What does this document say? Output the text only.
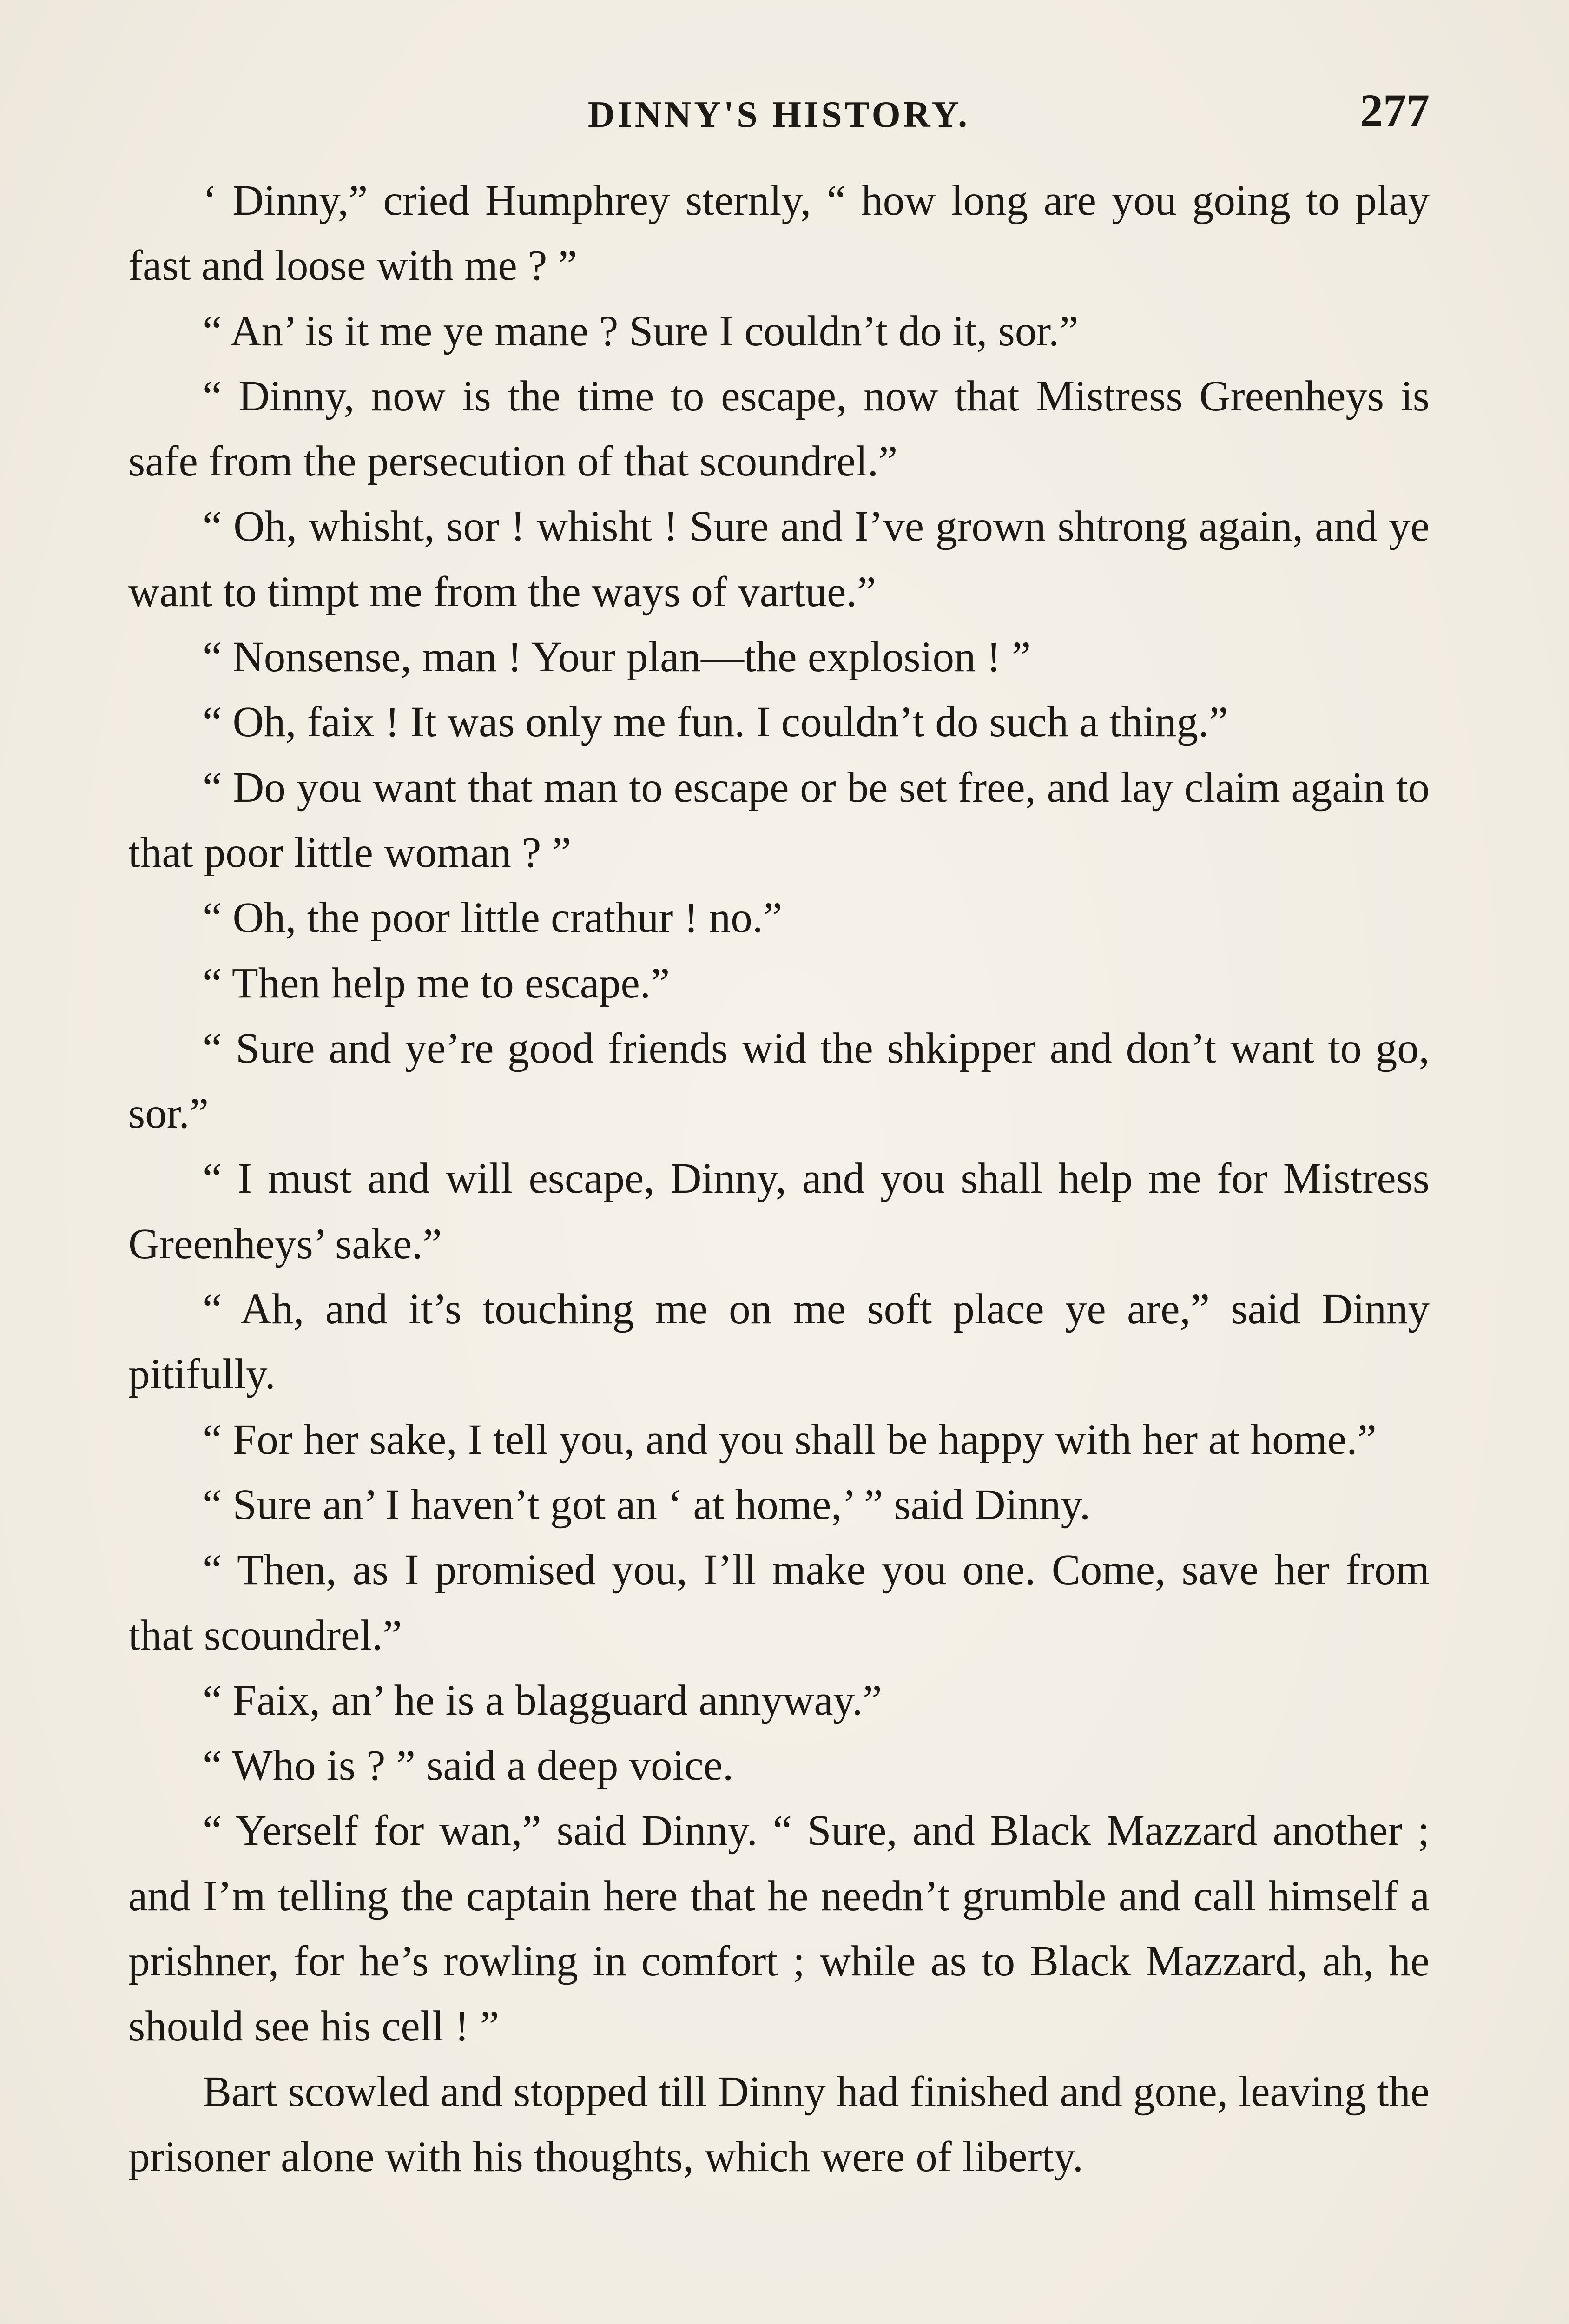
DINNY'S HISTORY.	277

‘ Dinny,” cried Humphrey sternly, “ how long are you going to play fast and loose with me ? ”

“ An’ is it me ye mane ? Sure I couldn’t do it, sor.”

“ Dinny, now is the time to escape, now that Mistress Greenheys is safe from the persecution of that scoundrel.”

“ Oh, whisht, sor ! whisht ! Sure and I’ve grown shtrong again, and ye want to timpt me from the ways of vartue.”

“ Nonsense, man ! Your plan—the explosion ! ”

“ Oh, faix ! It was only me fun. I couldn’t do such a thing.”

“ Do you want that man to escape or be set free, and lay claim again to that poor little woman ? ”

“ Oh, the poor little crathur ! no.”

“ Then help me to escape.”

“ Sure and ye’re good friends wid the shkipper and don’t want to go, sor.”

“ I must and will escape, Dinny, and you shall help me for Mistress Greenheys’ sake.”

“ Ah, and it’s touching me on me soft place ye are,” said Dinny pitifully.

“ For her sake, I tell you, and you shall be happy with her at home.”

“ Sure an’ I haven’t got an ‘ at home,’ ” said Dinny.

“ Then, as I promised you, I’ll make you one. Come, save her from that scoundrel.”

“ Faix, an’ he is a blagguard annyway.”

“ Who is ? ” said a deep voice.

“ Yerself for wan,” said Dinny. “ Sure, and Black Mazzard another ; and I’m telling the captain here that he needn’t grumble and call himself a prishner, for he’s rowling in comfort ; while as to Black Mazzard, ah, he should see his cell ! ”

Bart scowled and stopped till Dinny had finished and gone, leaving the prisoner alone with his thoughts, which were of liberty.
